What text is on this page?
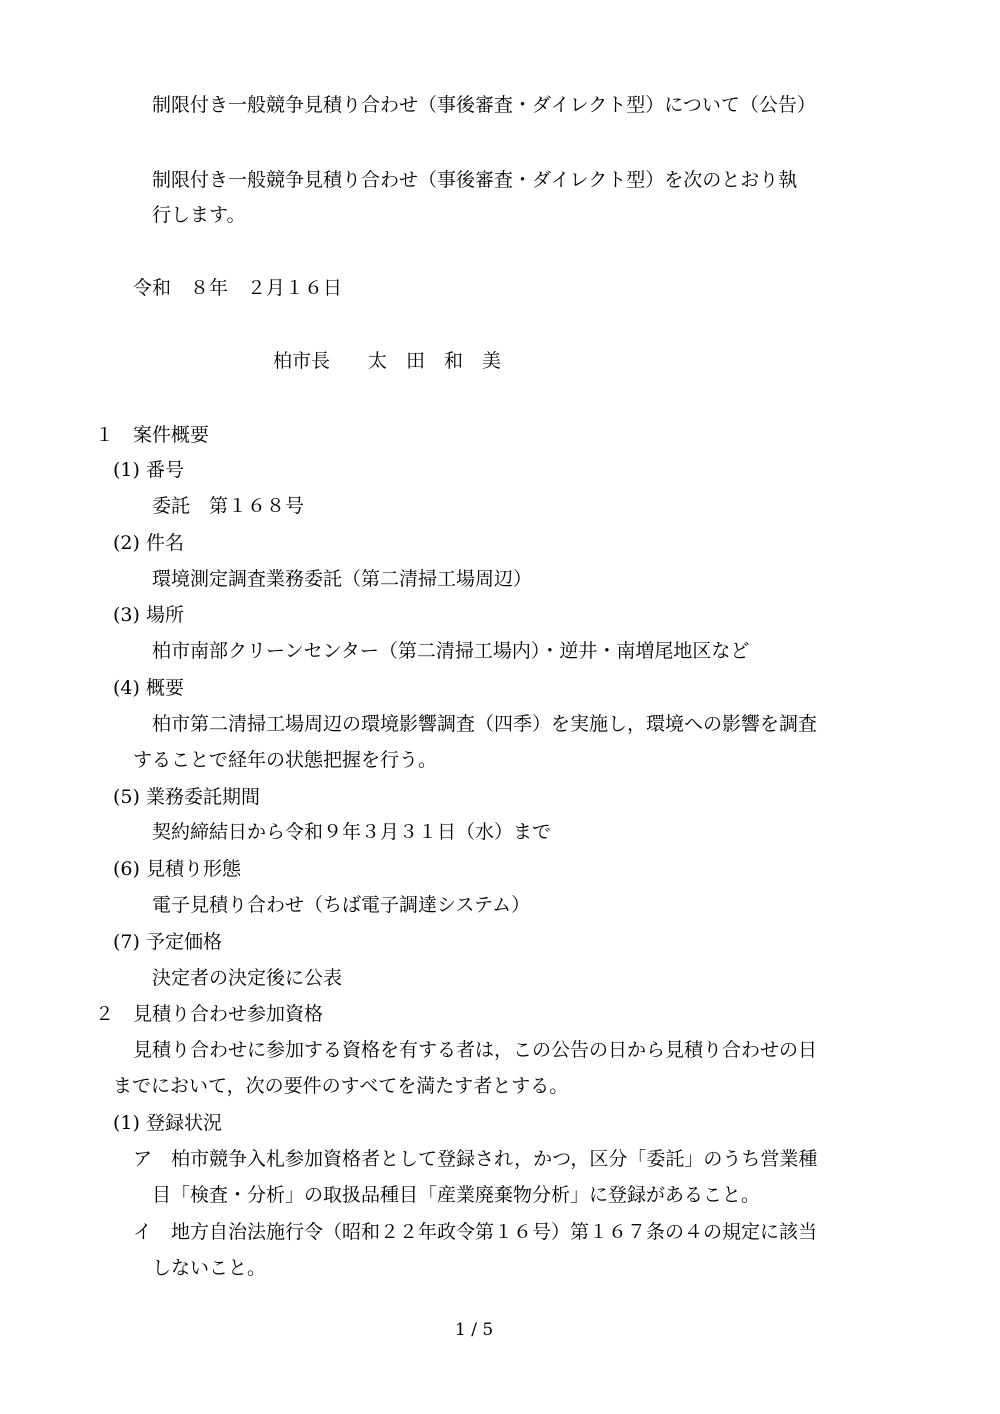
制限付き一般競争見積り合わせ（事後審査・ダイレクト型）について（公告）
制限付き一般競争見積り合わせ（事後審査・ダイレクト型）を次のとおり執
行します。
令和　８年　２月１６日
柏市長　　太　田　和　美
１　案件概要
(1) 番号
委託　第１６８号
(2) 件名
環境測定調査業務委託（第二清掃工場周辺）
(3) 場所
柏市南部クリーンセンター（第二清掃工場内）・逆井・南増尾地区など
(4) 概要
柏市第二清掃工場周辺の環境影響調査（四季）を実施し，環境への影響を調査
することで経年の状態把握を行う。
(5) 業務委託期間
契約締結日から令和９年３月３１日（水）まで
(6) 見積り形態
電子見積り合わせ（ちば電子調達システム）
(7) 予定価格
決定者の決定後に公表
２　見積り合わせ参加資格
見積り合わせに参加する資格を有する者は，この公告の日から見積り合わせの日
までにおいて，次の要件のすべてを満たす者とする。
(1) 登録状況
ア　柏市競争入札参加資格者として登録され，かつ，区分「委託」のうち営業種
目「検査・分析」の取扱品種目「産業廃棄物分析」に登録があること。
イ　地方自治法施行令（昭和２２年政令第１６号）第１６７条の４の規定に該当
しないこと。
1 / 5
